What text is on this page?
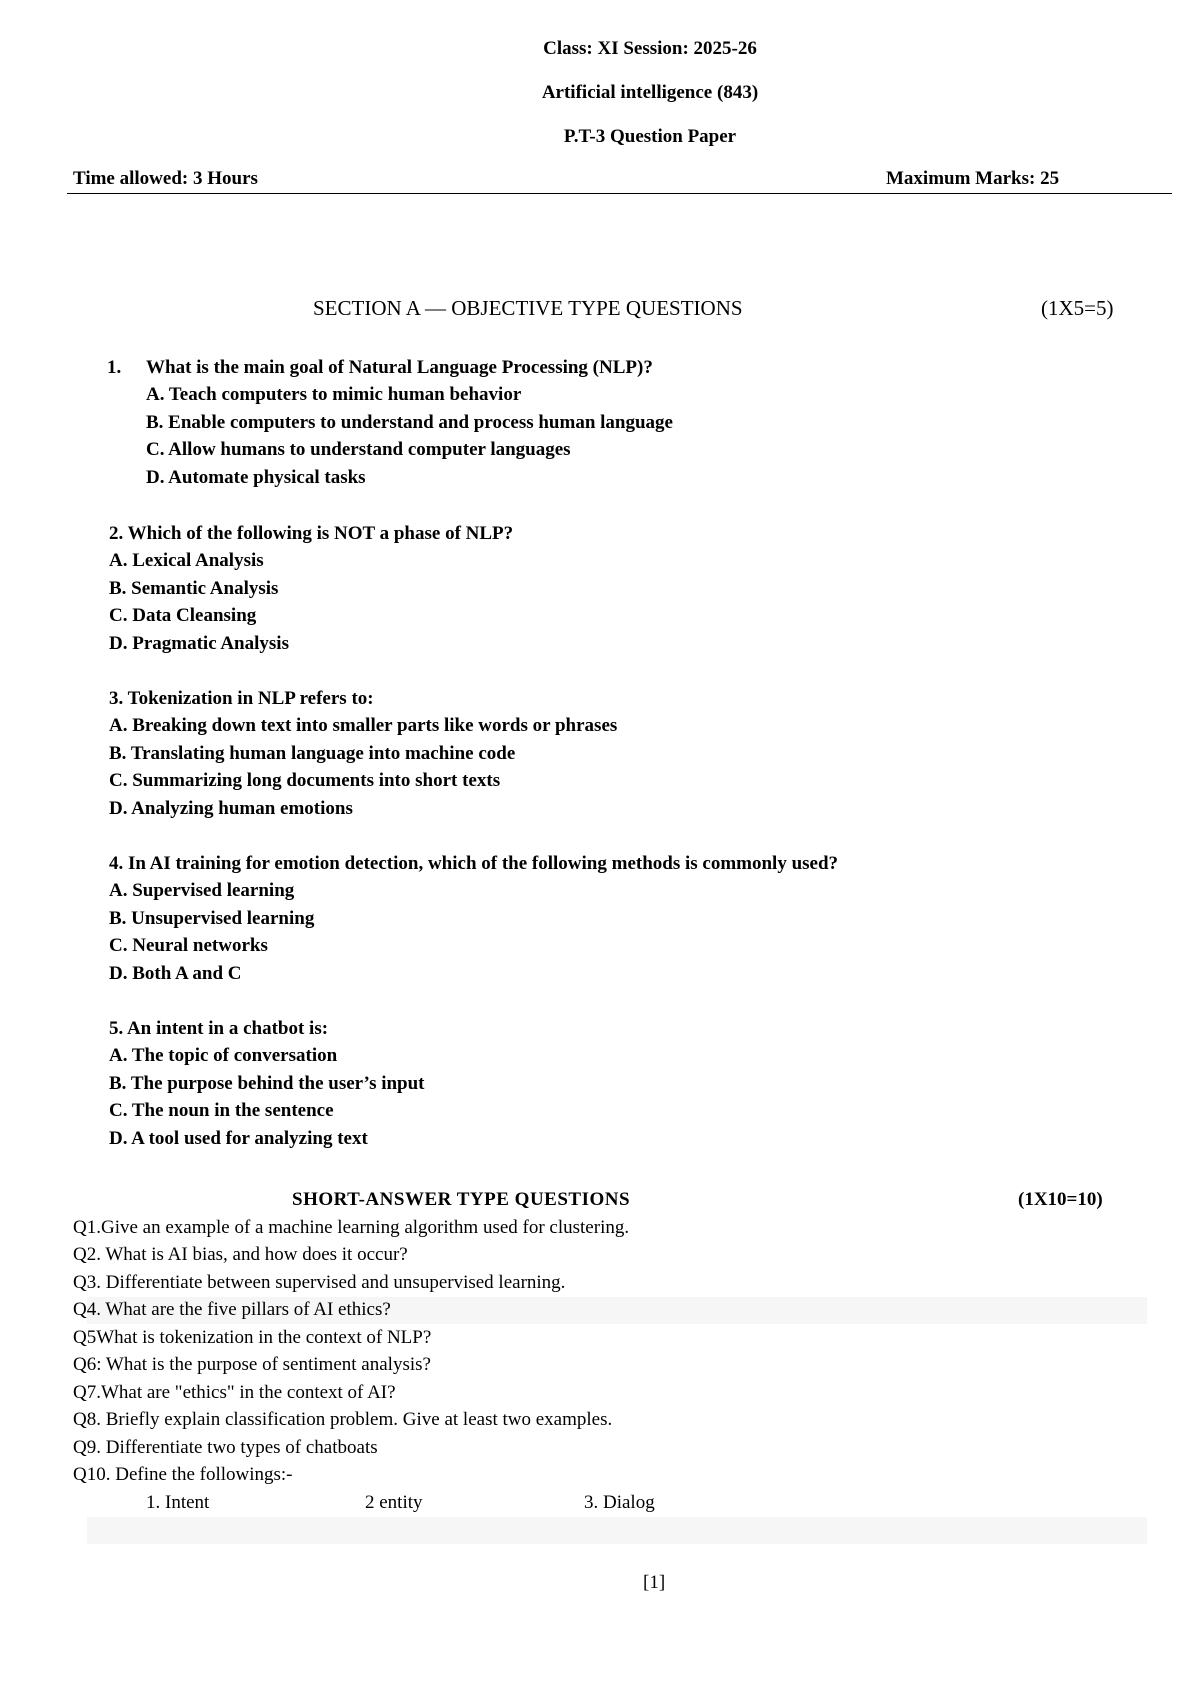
Class: XI Session: 2025-26
Artificial intelligence (843)
P.T-3 Question Paper
Time allowed: 3 Hours	Maximum Marks: 25
SECTION A — OBJECTIVE TYPE QUESTIONS	(1X5=5)
1. What is the main goal of Natural Language Processing (NLP)?
A. Teach computers to mimic human behavior
B. Enable computers to understand and process human language
C. Allow humans to understand computer languages
D. Automate physical tasks
2. Which of the following is NOT a phase of NLP?
A. Lexical Analysis
B. Semantic Analysis
C. Data Cleansing
D. Pragmatic Analysis
3. Tokenization in NLP refers to:
A. Breaking down text into smaller parts like words or phrases
B. Translating human language into machine code
C. Summarizing long documents into short texts
D. Analyzing human emotions
4. In AI training for emotion detection, which of the following methods is commonly used?
A. Supervised learning
B. Unsupervised learning
C. Neural networks
D. Both A and C
5. An intent in a chatbot is:
A. The topic of conversation
B. The purpose behind the user’s input
C. The noun in the sentence
D. A tool used for analyzing text
SHORT-ANSWER TYPE QUESTIONS	(1X10=10)
Q1.Give an example of a machine learning algorithm used for clustering.
Q2. What is AI bias, and how does it occur?
Q3. Differentiate between supervised and unsupervised learning.
Q4. What are the five pillars of AI ethics?
Q5What is tokenization in the context of NLP?
Q6: What is the purpose of sentiment analysis?
Q7.What are "ethics" in the context of AI?
Q8. Briefly explain classification problem. Give at least two examples.
Q9. Differentiate two types of chatboats
Q10. Define the followings:-
1. Intent	2 entity	3. Dialog
[1]
